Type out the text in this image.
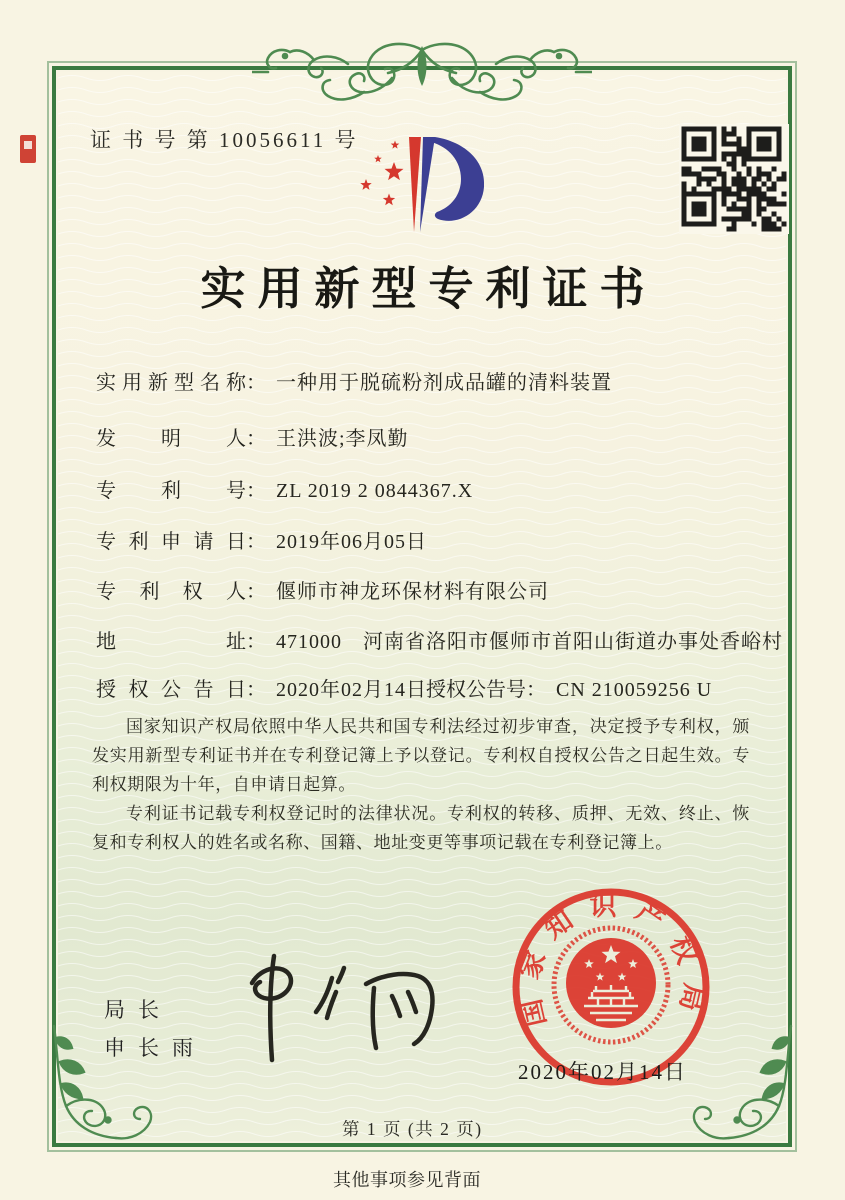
证 书 号 第 10056611 号
实用新型专利证书
实用新型名称 ： 一种用于脱硫粉剂成品罐的清料装置
发明人 ： 王洪波;李凤勤
专利号 ： ZL 2019 2 0844367.X
专利申请日 ： 2019年06月05日
专利权人 ： 偃师市神龙环保材料有限公司
地址 ： 471000　河南省洛阳市偃师市首阳山街道办事处香峪村
授权公告日 ： 2020年02月14日 授权公告号 ： CN 210059256 U

国家知识产权局依照中华人民共和国专利法经过初步审查，决定授予专利权，颁发实用新型专利证书并在专利登记簿上予以登记。专利权自授权公告之日起生效。专利权期限为十年，自申请日起算。

专利证书记载专利权登记时的法律状况。专利权的转移、质押、无效、终止、恢复和专利权人的姓名或名称、国籍、地址变更等事项记载在专利登记簿上。

局长
申长雨
国家知识产权局
2020年02月14日
第 1 页 (共 2 页)
其他事项参见背面
